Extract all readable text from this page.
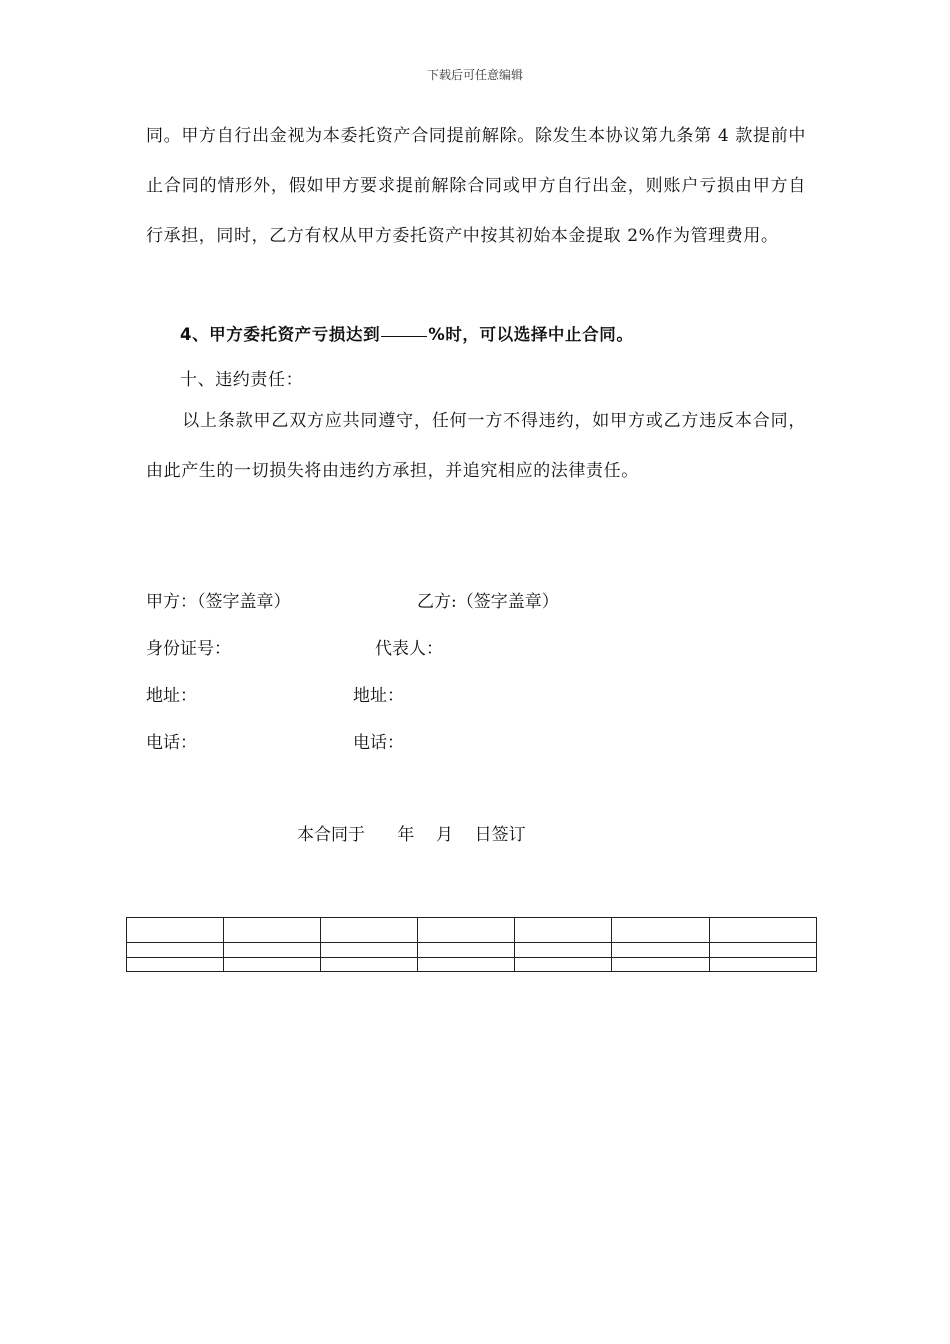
下载后可任意编辑
同。甲方自行出金视为本委托资产合同提前解除。除发生本协议第九条第 4 款提前中止合同的情形外，假如甲方要求提前解除合同或甲方自行出金，则账户亏损由甲方自行承担，同时，乙方有权从甲方委托资产中按其初始本金提取 2%作为管理费用。
4、甲方委托资产亏损达到	%时，可以选择中止合同。
十、违约责任：
以上条款甲乙双方应共同遵守，任何一方不得违约，如甲方或乙方违反本合同，由此产生的一切损失将由违约方承担，并追究相应的法律责任。
甲方：（签字盖章）	乙方:（签字盖章）
身份证号：	代表人：
地址：	地址：
电话：	电话：
本合同于      年    月    日签订
